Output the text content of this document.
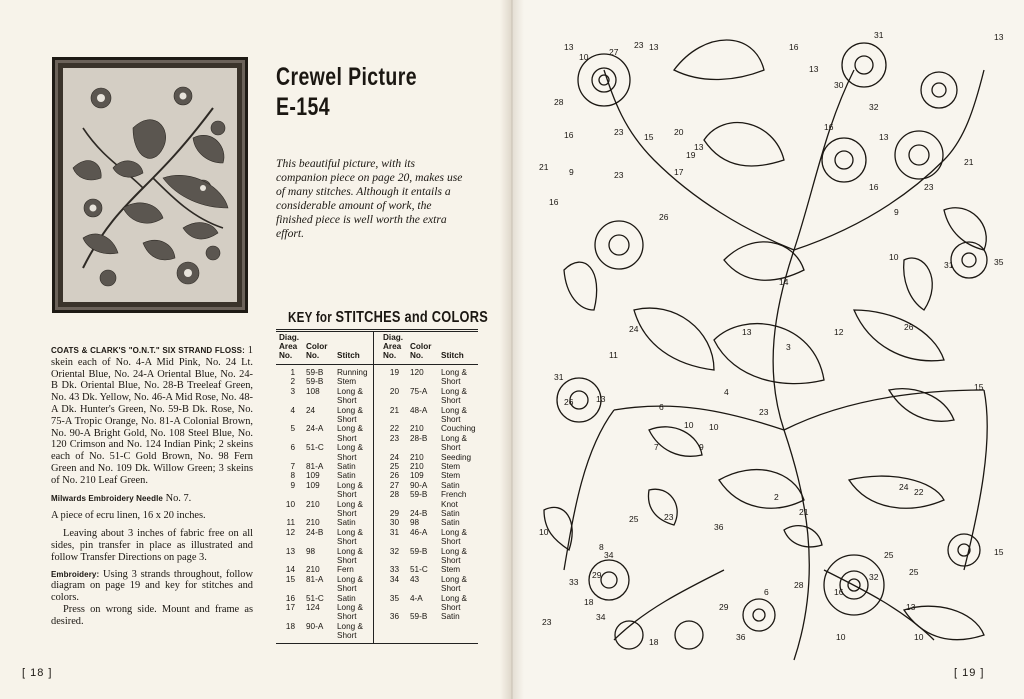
Crewel Picture
E-154
This beautiful picture, with its companion piece on page 20, makes use of many stitches. Although it entails a considerable amount of work, the finished piece is well worth the extra effort.
KEY for STITCHES and COLORS
Diag. Area No.
Color No.	Stitch
Diag. Area No.
Color No.	Stitch
1 59-B Running
2 59-B Stem
3 108 Long & Short
4 24	Long & Short
5 24-A Long & Short
6 51-C Long & Short
7 81-A Satin
8 109 Satin
9 109 Long & Short
10 210 Long & Short
11 210 Satin
12 24-B Long & Short
13 98	Long & Short
14 210 Fern
15 81-A Long & Short
16 51-C Satin
17 124 Long & Short
18 90-A Long & Short
19 120 Long & Short
20 75-A Long & Short
21 48-A Long & Short
22 210 Couching
23 28-B Long & Short
24 210 Seeding
25 210 Stem
26 109 Stem
27 90-A Satin
28 59-B French Knot
29 24-B Satin
30 98	Satin
31 46-A Long & Short
32 59-B Long & Short
33 51-C Stem
34 43	Long & Short
35 4-A Long & Short
36 59-B Satin

COATS & CLARK'S "O.N.T." SIX STRAND FLOSS: 1 skein each of No. 4-A Mid Pink, No. 24 Lt. Oriental Blue, No. 24-A Oriental Blue, No. 24-B Dk. Oriental Blue, No. 28-B Treeleaf Green, No. 43 Dk. Yellow, No. 46-A Mid Rose, No. 48-A Dk. Hunter's Green, No. 59-B Dk. Rose, No. 75-A Tropic Orange, No. 81-A Colonial Brown, No. 90-A Bright Gold, No. 108 Steel Blue, No. 120 Crimson and No. 124 Indian Pink; 2 skeins each of No. 51-C Gold Brown, No. 98 Fern Green and No. 109 Dk. Willow Green; 3 skeins of No. 210 Leaf Green.

Milwards Embroidery Needle No. 7.

A piece of ecru linen, 16 x 20 inches.

Leaving about 3 inches of fabric free on all sides, pin transfer in place as illustrated and follow Transfer Directions on page 3.

Embroidery: Using 3 strands throughout, follow diagram on page 19 and key for stitches and colors.

Press on wrong side. Mount and frame as desired.

[ 18 ]	[ 19 ]
13
10 27
23 13
28
16	23 15 20
19
17
21 9	23
16
26
13
16
13
31
30
32
13
16
21
23
16
9
10
13
35
31
14
26
12
24
15
11
31
26	13
10
6
10
23
4
7	9
2	22
21
23
10
25
8
36
34
29
33
18
34
6
36
28
16
32
25
13
10
23
18
24
15
3
25
13
29
10
